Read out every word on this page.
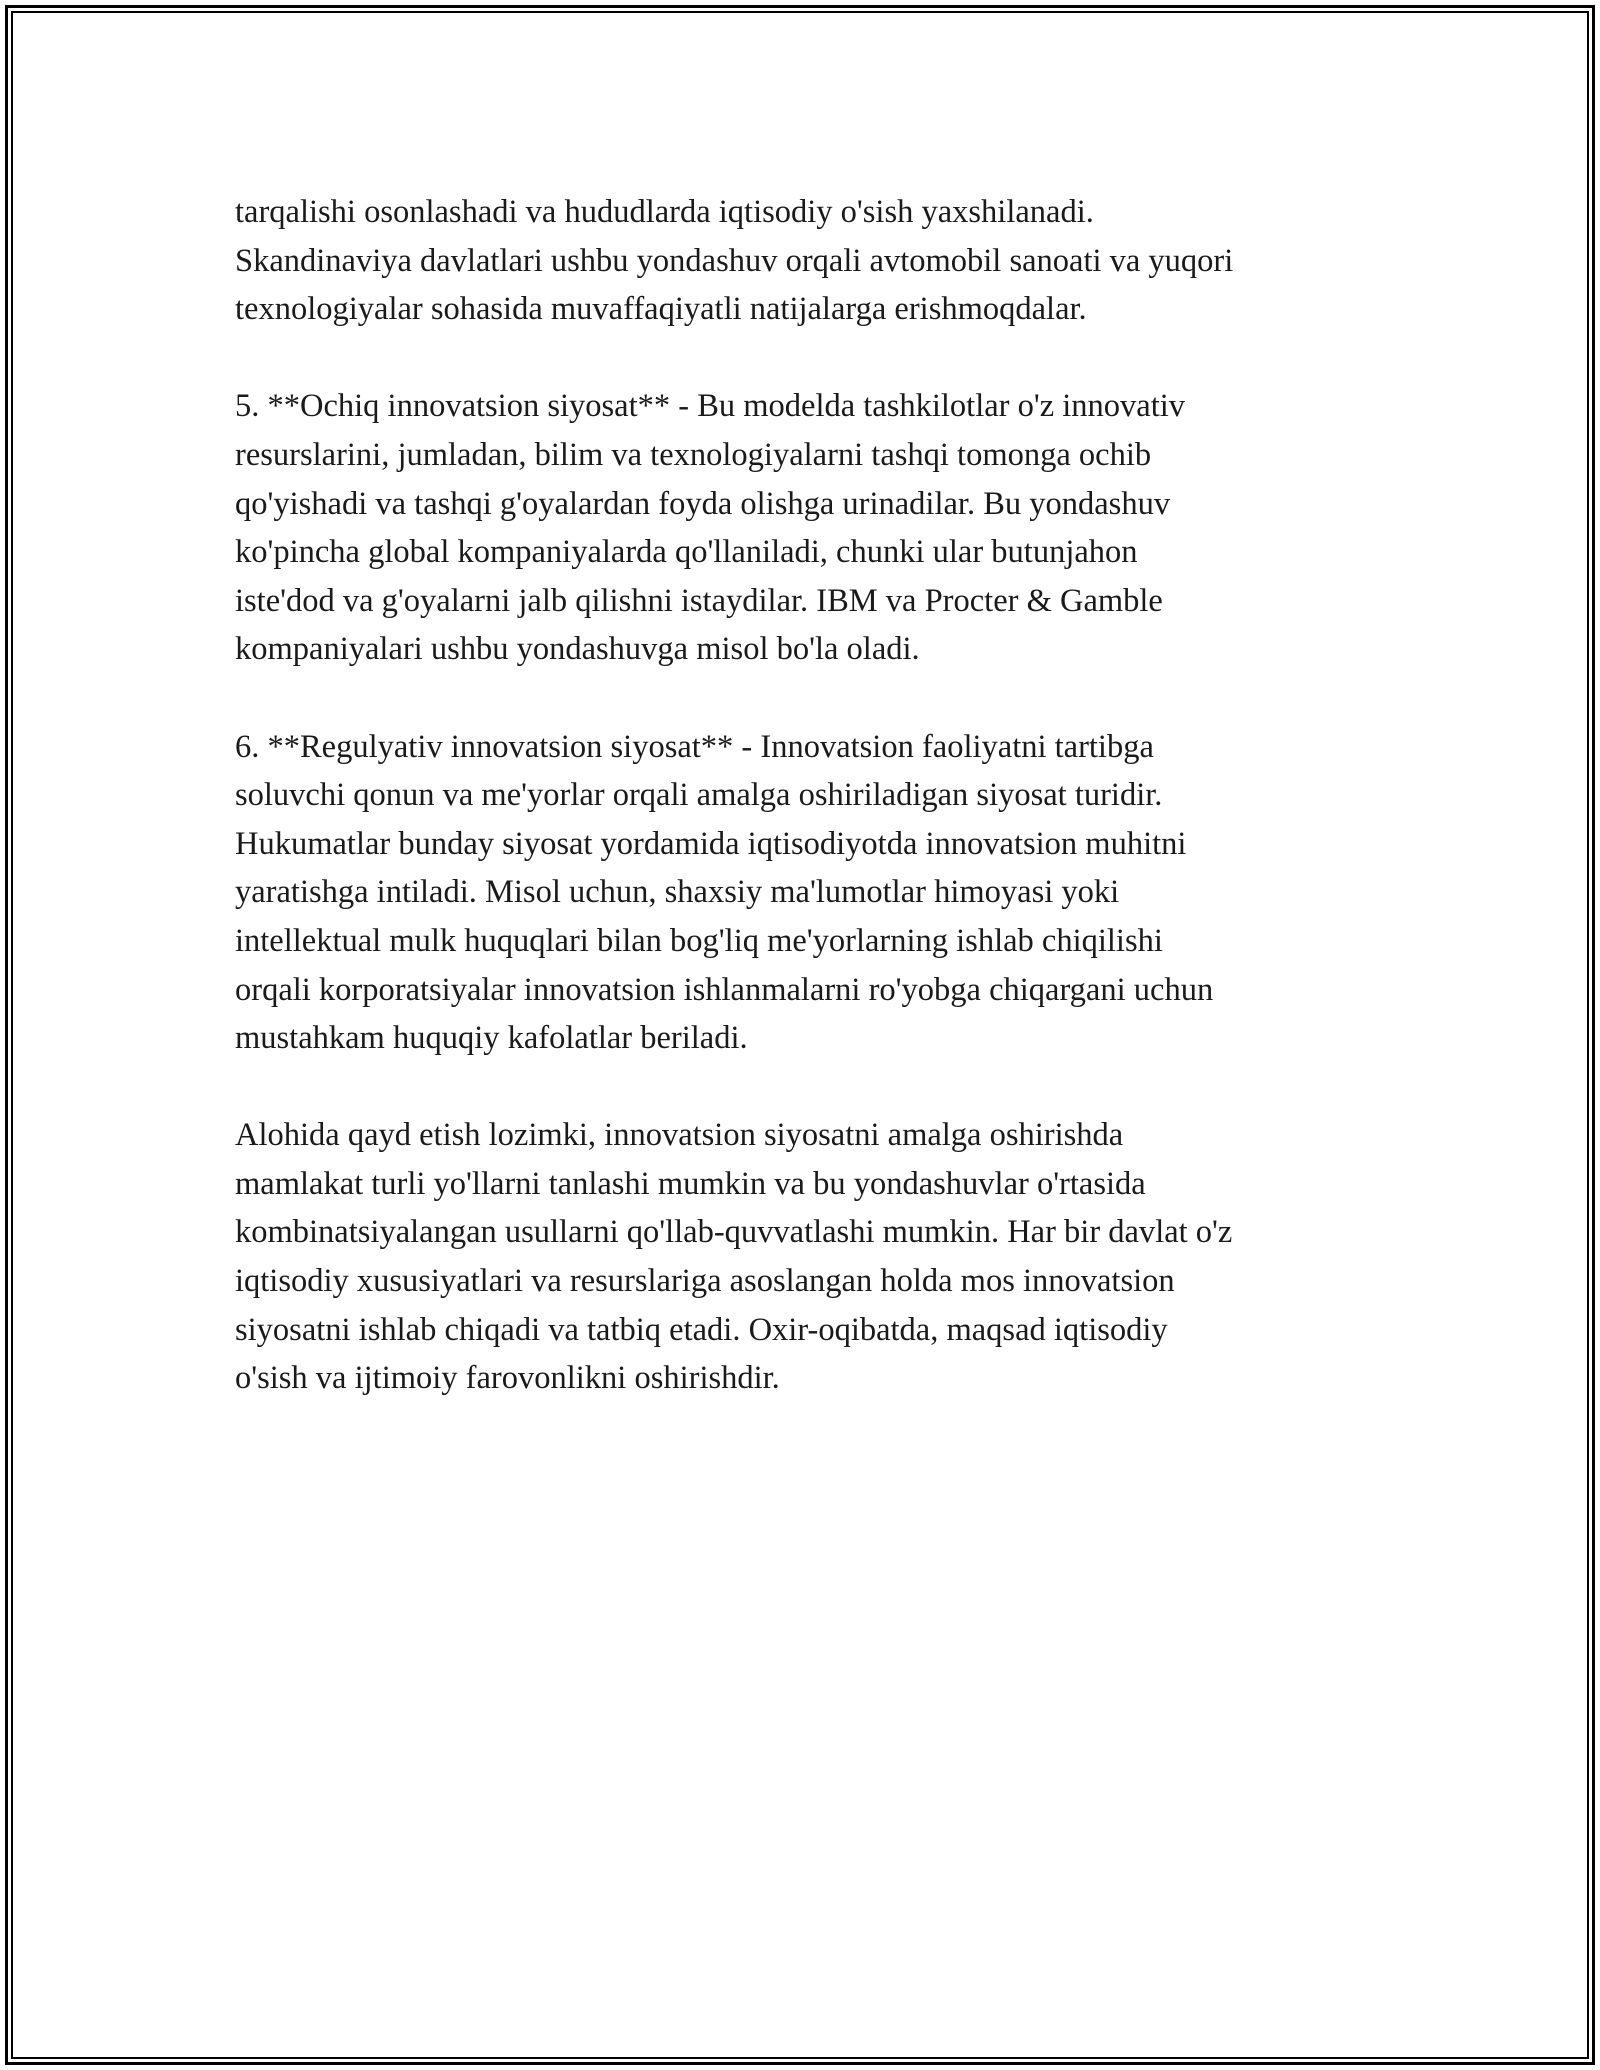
tarqalishi osonlashadi va hududlarda iqtisodiy o'sish yaxshilanadi.
Skandinaviya davlatlari ushbu yondashuv orqali avtomobil sanoati va yuqori
texnologiyalar sohasida muvaffaqiyatli natijalarga erishmoqdalar.

5. **Ochiq innovatsion siyosat** - Bu modelda tashkilotlar o'z innovativ
resurslarini, jumladan, bilim va texnologiyalarni tashqi tomonga ochib
qo'yishadi va tashqi g'oyalardan foyda olishga urinadilar. Bu yondashuv
ko'pincha global kompaniyalarda qo'llaniladi, chunki ular butunjahon
iste'dod va g'oyalarni jalb qilishni istaydilar. IBM va Procter & Gamble
kompaniyalari ushbu yondashuvga misol bo'la oladi.

6. **Regulyativ innovatsion siyosat** - Innovatsion faoliyatni tartibga
soluvchi qonun va me'yorlar orqali amalga oshiriladigan siyosat turidir.
Hukumatlar bunday siyosat yordamida iqtisodiyotda innovatsion muhitni
yaratishga intiladi. Misol uchun, shaxsiy ma'lumotlar himoyasi yoki
intellektual mulk huquqlari bilan bog'liq me'yorlarning ishlab chiqilishi
orqali korporatsiyalar innovatsion ishlanmalarni ro'yobga chiqargani uchun
mustahkam huquqiy kafolatlar beriladi.

Alohida qayd etish lozimki, innovatsion siyosatni amalga oshirishda
mamlakat turli yo'llarni tanlashi mumkin va bu yondashuvlar o'rtasida
kombinatsiyalangan usullarni qo'llab-quvvatlashi mumkin. Har bir davlat o'z
iqtisodiy xususiyatlari va resurslariga asoslangan holda mos innovatsion
siyosatni ishlab chiqadi va tatbiq etadi. Oxir-oqibatda, maqsad iqtisodiy
o'sish va ijtimoiy farovonlikni oshirishdir.
